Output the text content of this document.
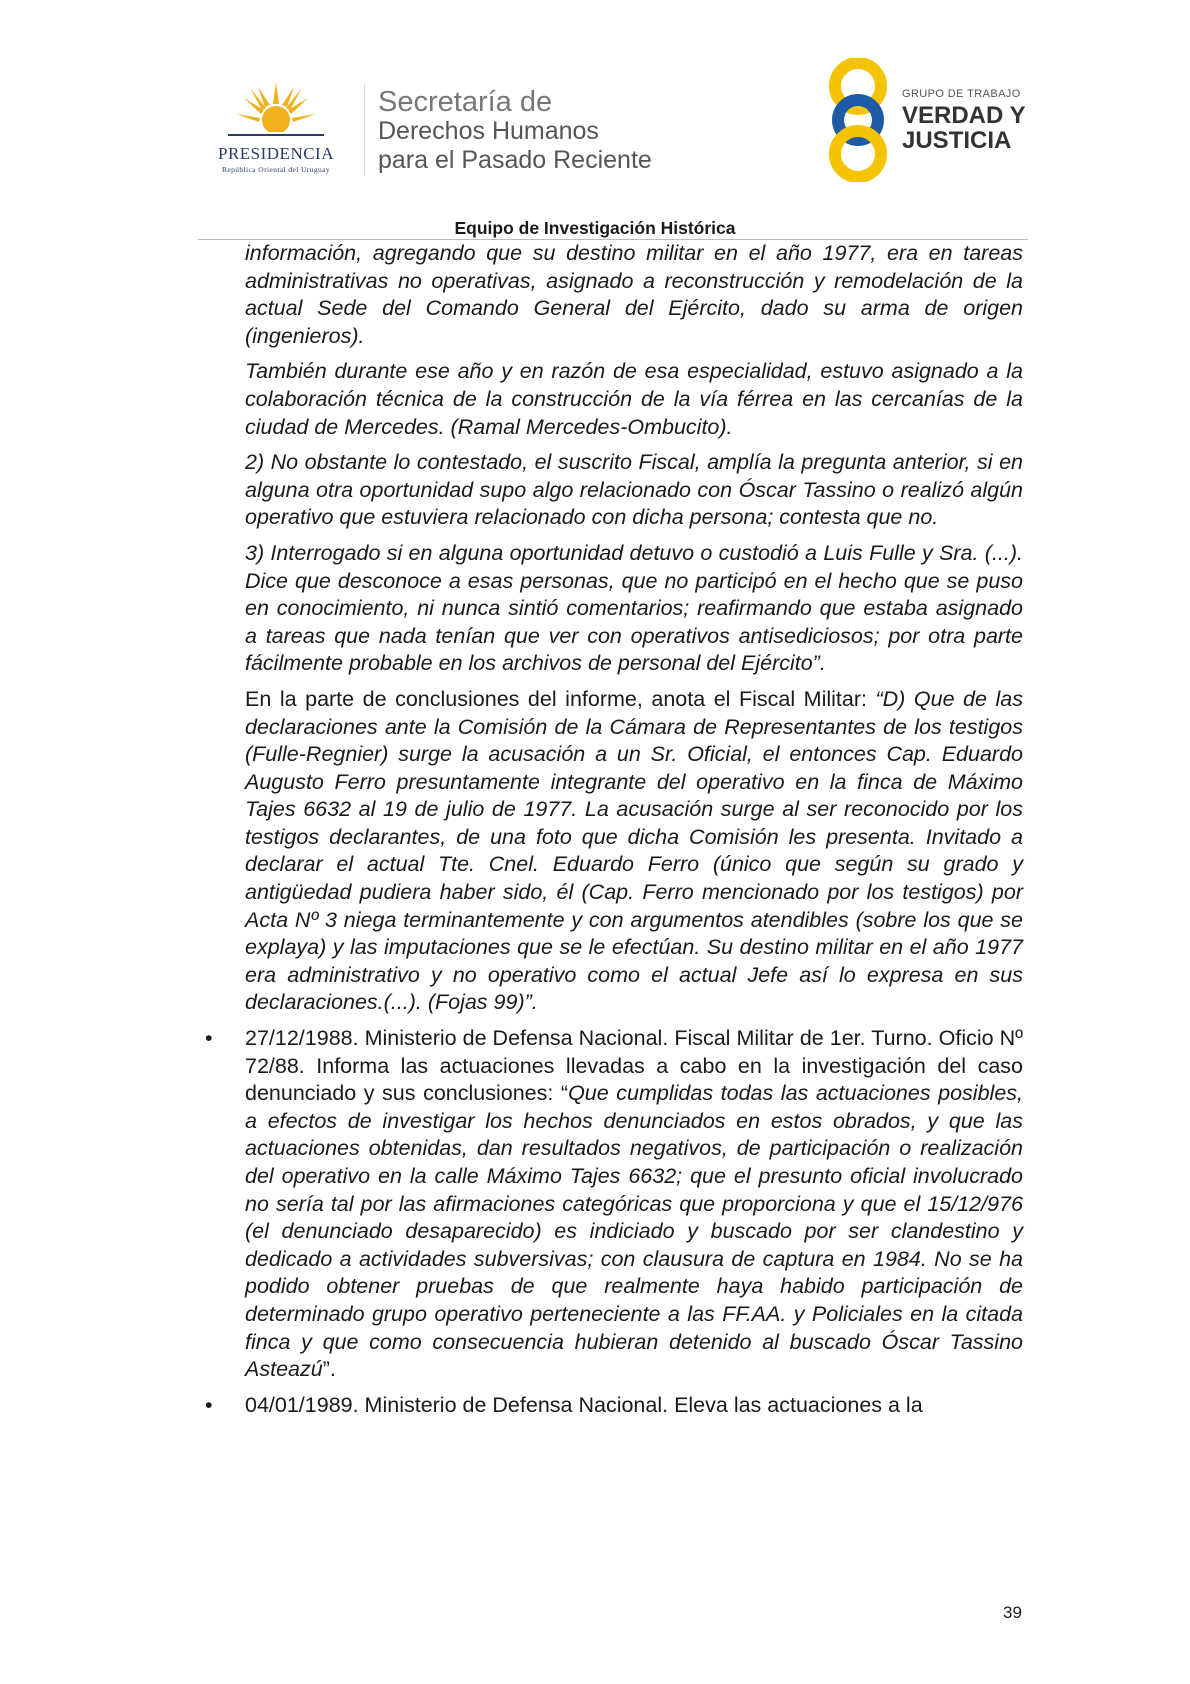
PRESIDENCIA
República Oriental del Uruguay
Secretaría de
Derechos Humanos
para el Pasado Reciente
GRUPO DE TRABAJO
VERDAD Y
JUSTICIA
Equipo de Investigación Histórica

información, agregando que su destino militar en el año 1977, era en tareas administrativas no operativas, asignado a reconstrucción y remodelación de la actual Sede del Comando General del Ejército, dado su arma de origen (ingenieros).

También durante ese año y en razón de esa especialidad, estuvo asignado a la colaboración técnica de la construcción de la vía férrea en las cercanías de la ciudad de Mercedes. (Ramal Mercedes-Ombucito).

2) No obstante lo contestado, el suscrito Fiscal, amplía la pregunta anterior, si en alguna otra oportunidad supo algo relacionado con Óscar Tassino o realizó algún operativo que estuviera relacionado con dicha persona; contesta que no.

3) Interrogado si en alguna oportunidad detuvo o custodió a Luis Fulle y Sra. (...). Dice que desconoce a esas personas, que no participó en el hecho que se puso en conocimiento, ni nunca sintió comentarios; reafirmando que estaba asignado a tareas que nada tenían que ver con operativos antisediciosos; por otra parte fácilmente probable en los archivos de personal del Ejército”.

En la parte de conclusiones del informe, anota el Fiscal Militar: “D) Que de las declaraciones ante la Comisión de la Cámara de Representantes de los testigos (Fulle-Regnier) surge la acusación a un Sr. Oficial, el entonces Cap. Eduardo Augusto Ferro presuntamente integrante del operativo en la finca de Máximo Tajes 6632 al 19 de julio de 1977. La acusación surge al ser reconocido por los testigos declarantes, de una foto que dicha Comisión les presenta. Invitado a declarar el actual Tte. Cnel. Eduardo Ferro (único que según su grado y antigüedad pudiera haber sido, él (Cap. Ferro mencionado por los testigos) por Acta Nº 3 niega terminantemente y con argumentos atendibles (sobre los que se explaya) y las imputaciones que se le efectúan. Su destino militar en el año 1977 era administrativo y no operativo como el actual Jefe así lo expresa en sus declaraciones.(...). (Fojas 99)”.

• 27/12/1988. Ministerio de Defensa Nacional. Fiscal Militar de 1er. Turno. Oficio Nº 72/88. Informa las actuaciones llevadas a cabo en la investigación del caso denunciado y sus conclusiones: “Que cumplidas todas las actuaciones posibles, a efectos de investigar los hechos denunciados en estos obrados, y que las actuaciones obtenidas, dan resultados negativos, de participación o realización del operativo en la calle Máximo Tajes 6632; que el presunto oficial involucrado no sería tal por las afirmaciones categóricas que proporciona y que el 15/12/976 (el denunciado desaparecido) es indiciado y buscado por ser clandestino y dedicado a actividades subversivas; con clausura de captura en 1984. No se ha podido obtener pruebas de que realmente haya habido participación de determinado grupo operativo perteneciente a las FF.AA. y Policiales en la citada finca y que como consecuencia hubieran detenido al buscado Óscar Tassino Asteazú”.

• 04/01/1989. Ministerio de Defensa Nacional. Eleva las actuaciones a la

39
